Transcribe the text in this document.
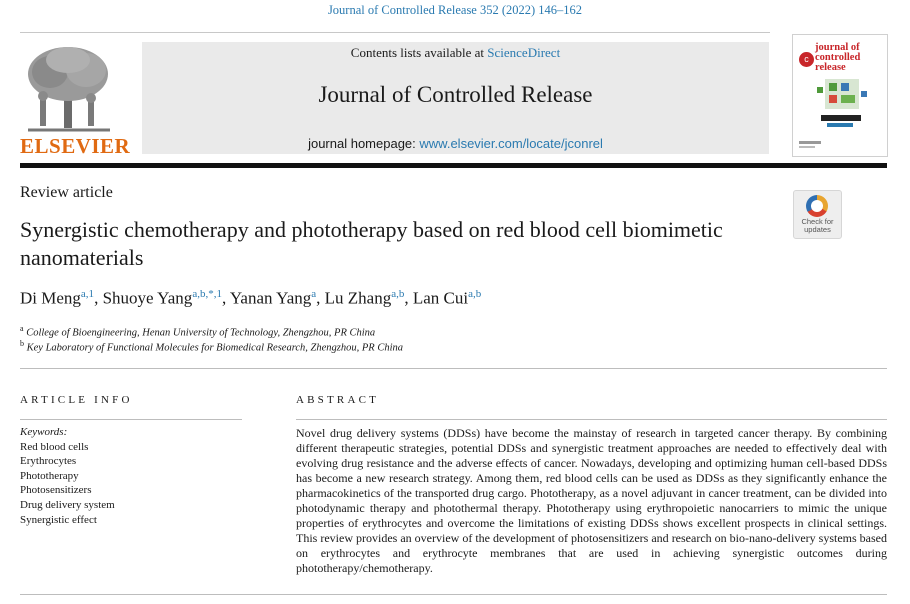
Journal of Controlled Release 352 (2022) 146–162
ELSEVIER
Contents lists available at ScienceDirect
Journal of Controlled Release
journal homepage: www.elsevier.com/locate/jconrel
c
journal of controlled release
Review article
Check for updates
Synergistic chemotherapy and phototherapy based on red blood cell biomimetic nanomaterials
Di Meng$^{a,1}$, Shuoye Yang$^{a,b,*,1}$, Yanan Yang$^a$, Lu Zhang$^{a,b}$, Lan Cui$^{a,b}$
$^a$ College of Bioengineering, Henan University of Technology, Zhengzhou, PR China
$^b$ Key Laboratory of Functional Molecules for Biomedical Research, Zhengzhou, PR China
ARTICLE INFO	ABSTRACT
Keywords:
Red blood cells
Erythrocytes
Phototherapy
Photosensitizers
Drug delivery system
Synergistic effect

Novel drug delivery systems (DDSs) have become the mainstay of research in targeted cancer therapy. By combining different therapeutic strategies, potential DDSs and synergistic treatment approaches are needed to effectively deal with evolving drug resistance and the adverse effects of cancer. Nowadays, developing and optimizing human cell-based DDSs has become a new research strategy. Among them, red blood cells can be used as DDSs as they significantly enhance the pharmacokinetics of the transported drug cargo. Phototherapy, as a novel adjuvant in cancer treatment, can be divided into photodynamic therapy and photothermal therapy. Phototherapy using erythropoietic nanocarriers to mimic the unique properties of erythrocytes and overcome the limitations of existing DDSs shows excellent prospects in clinical settings. This review provides an overview of the development of photosensitizers and research on bio-nano-delivery systems based on erythrocytes and erythrocyte membranes that are used in achieving synergistic outcomes during phototherapy/chemotherapy.
